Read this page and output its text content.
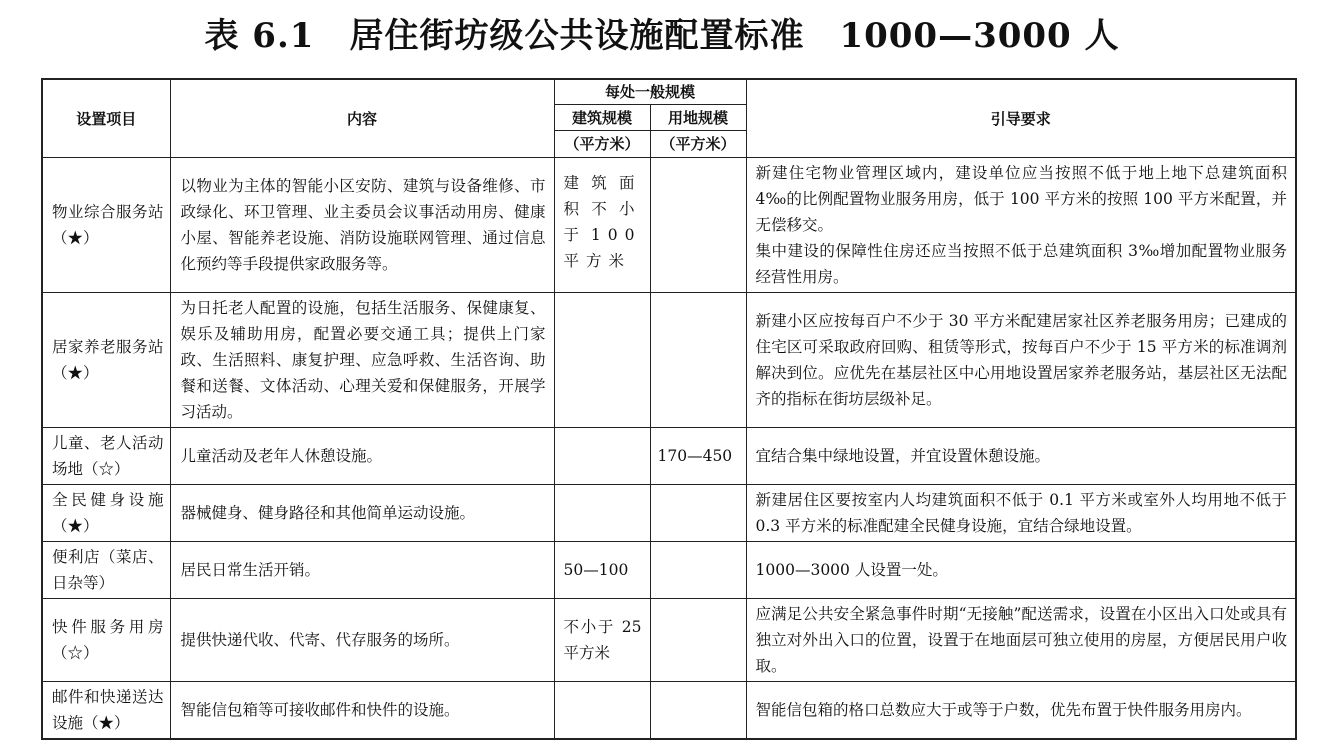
表 6.1　居住街坊级公共设施配置标准　1000—3000 人
设置项目	内容	每处一般规模		引导要求
		建筑规模	用地规模	
		（平方米）	（平方米）	

物业综合服务站（★）	以物业为主体的智能小区安防、建筑与设备维修、市政绿化、环卫管理、业主委员会议事活动用房、健康小屋、智能养老设施、消防设施联网管理、通过信息化预约等手段提供家政服务等。	建筑面积不小于100平方米		新建住宅物业管理区域内，建设单位应当按照不低于地上地下总建筑面积 4‰的比例配置物业服务用房，低于 100 平方米的按照 100 平方米配置，并无偿移交。
集中建设的保障性住房还应当按照不低于总建筑面积 3‰增加配置物业服务经营性用房。

居家养老服务站（★）	为日托老人配置的设施，包括生活服务、保健康复、娱乐及辅助用房，配置必要交通工具；提供上门家政、生活照料、康复护理、应急呼救、生活咨询、助餐和送餐、文体活动、心理关爱和保健服务，开展学习活动。			新建小区应按每百户不少于 30 平方米配建居家社区养老服务用房；已建成的住宅区可采取政府回购、租赁等形式，按每百户不少于 15 平方米的标准调剂解决到位。应优先在基层社区中心用地设置居家养老服务站，基层社区无法配齐的指标在街坊层级补足。

儿童、老人活动场地（☆）	儿童活动及老年人休憩设施。		170—450	宜结合集中绿地设置，并宜设置休憩设施。

全民健身设施（★）	器械健身、健身路径和其他简单运动设施。			新建居住区要按室内人均建筑面积不低于 0.1 平方米或室外人均用地不低于 0.3 平方米的标准配建全民健身设施，宜结合绿地设置。

便利店（菜店、日杂等）	居民日常生活开销。	50—100		1000—3000 人设置一处。

快件服务用房（☆）	提供快递代收、代寄、代存服务的场所。	不小于 25 平方米		应满足公共安全紧急事件时期“无接触”配送需求，设置在小区出入口处或具有独立对外出入口的位置，设置于在地面层可独立使用的房屋，方便居民用户收取。

邮件和快递送达设施（★）	智能信包箱等可接收邮件和快件的设施。			智能信包箱的格口总数应大于或等于户数，优先布置于快件服务用房内。
